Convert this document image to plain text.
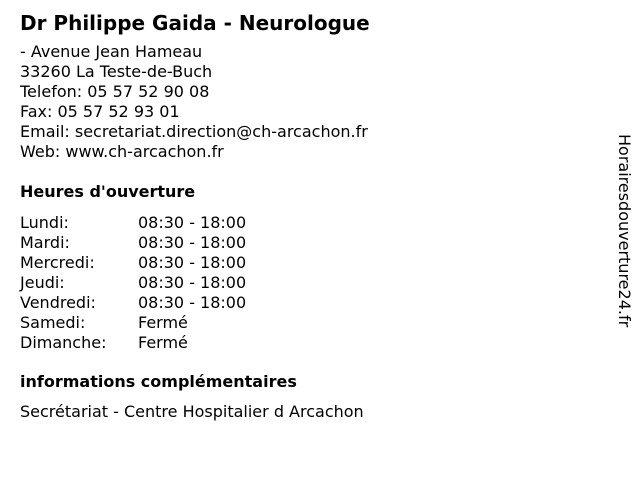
Dr Philippe Gaida - Neurologue
- Avenue Jean Hameau
33260 La Teste-de-Buch
Telefon: 05 57 52 90 08
Fax: 05 57 52 93 01
Email: secretariat.direction@ch-arcachon.fr
Web: www.ch-arcachon.fr
Heures d'ouverture
Lundi:	08:30 - 18:00
Mardi:	08:30 - 18:00
Mercredi:	08:30 - 18:00
Jeudi:	08:30 - 18:00
Vendredi:	08:30 - 18:00
Samedi:	Fermé
Dimanche:	Fermé
informations complémentaires
Secrétariat - Centre Hospitalier d Arcachon
Horairesdouverture24.fr
